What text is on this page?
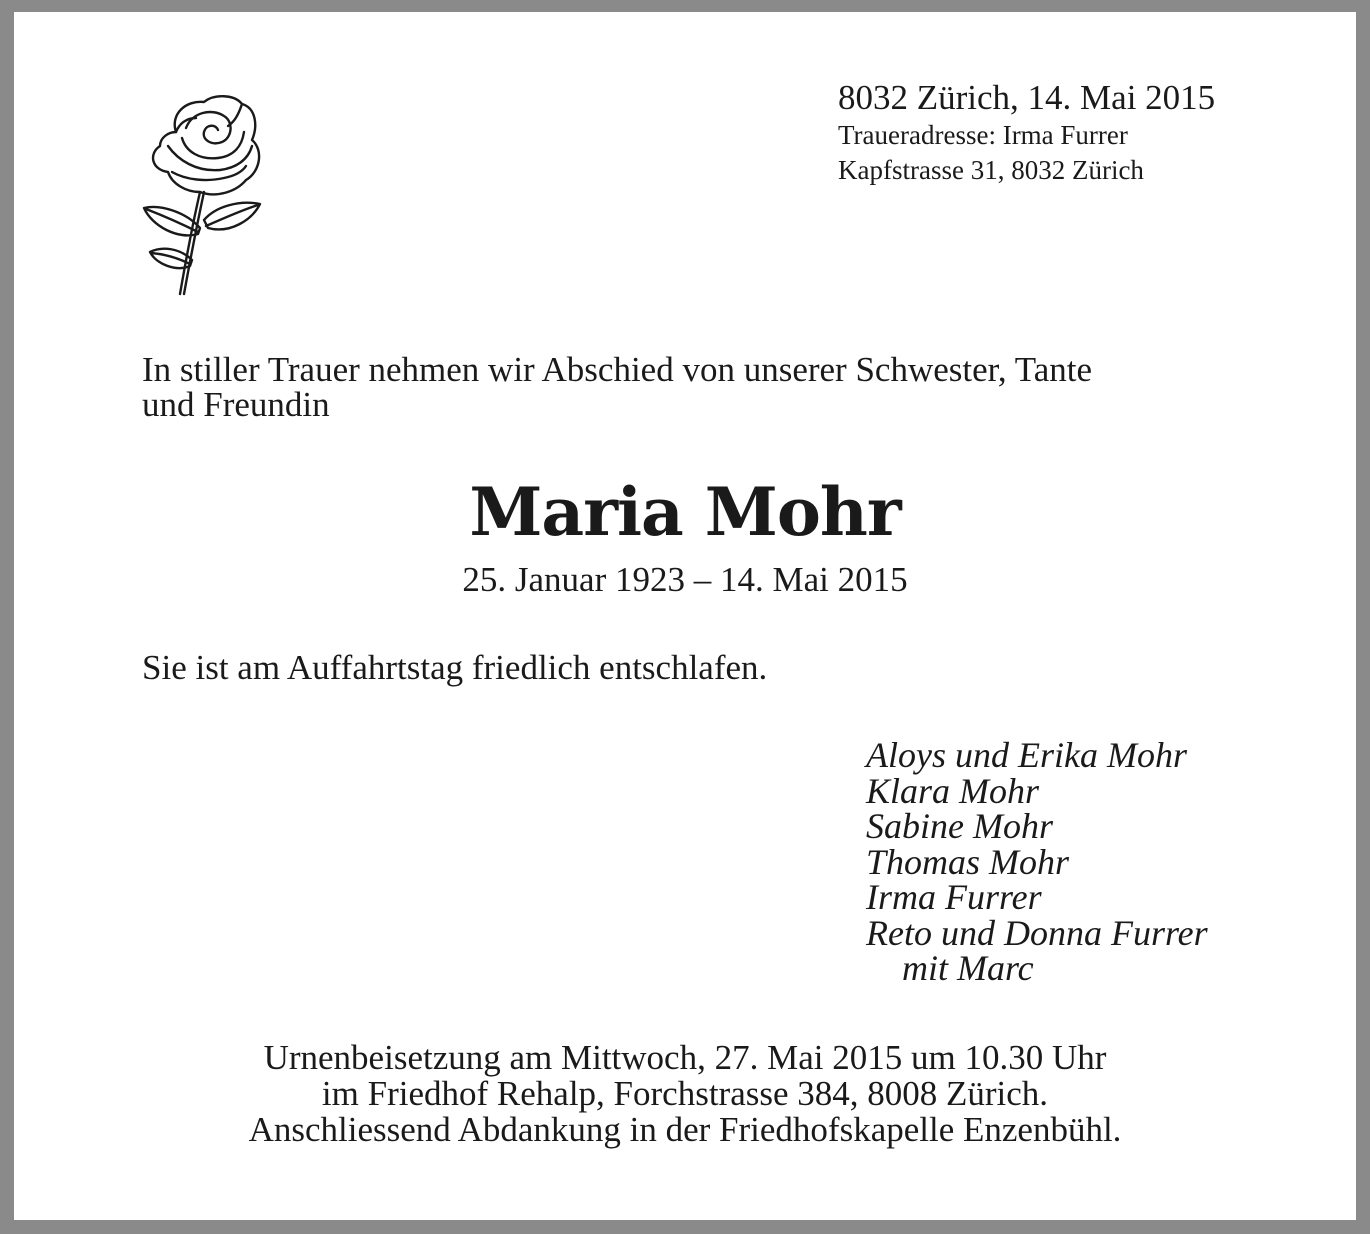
8032 Zürich, 14. Mai 2015
Traueradresse: Irma Furrer
Kapfstrasse 31, 8032 Zürich
In stiller Trauer nehmen wir Abschied von unserer Schwester, Tante
und Freundin
Maria Mohr
25. Januar 1923 – 14. Mai 2015
Sie ist am Auffahrtstag friedlich entschlafen.
Aloys und Erika Mohr
Klara Mohr
Sabine Mohr
Thomas Mohr
Irma Furrer
Reto und Donna Furrer
mit Marc
Urnenbeisetzung am Mittwoch, 27. Mai 2015 um 10.30 Uhr
im Friedhof Rehalp, Forchstrasse 384, 8008 Zürich.
Anschliessend Abdankung in der Friedhofskapelle Enzenbühl.
